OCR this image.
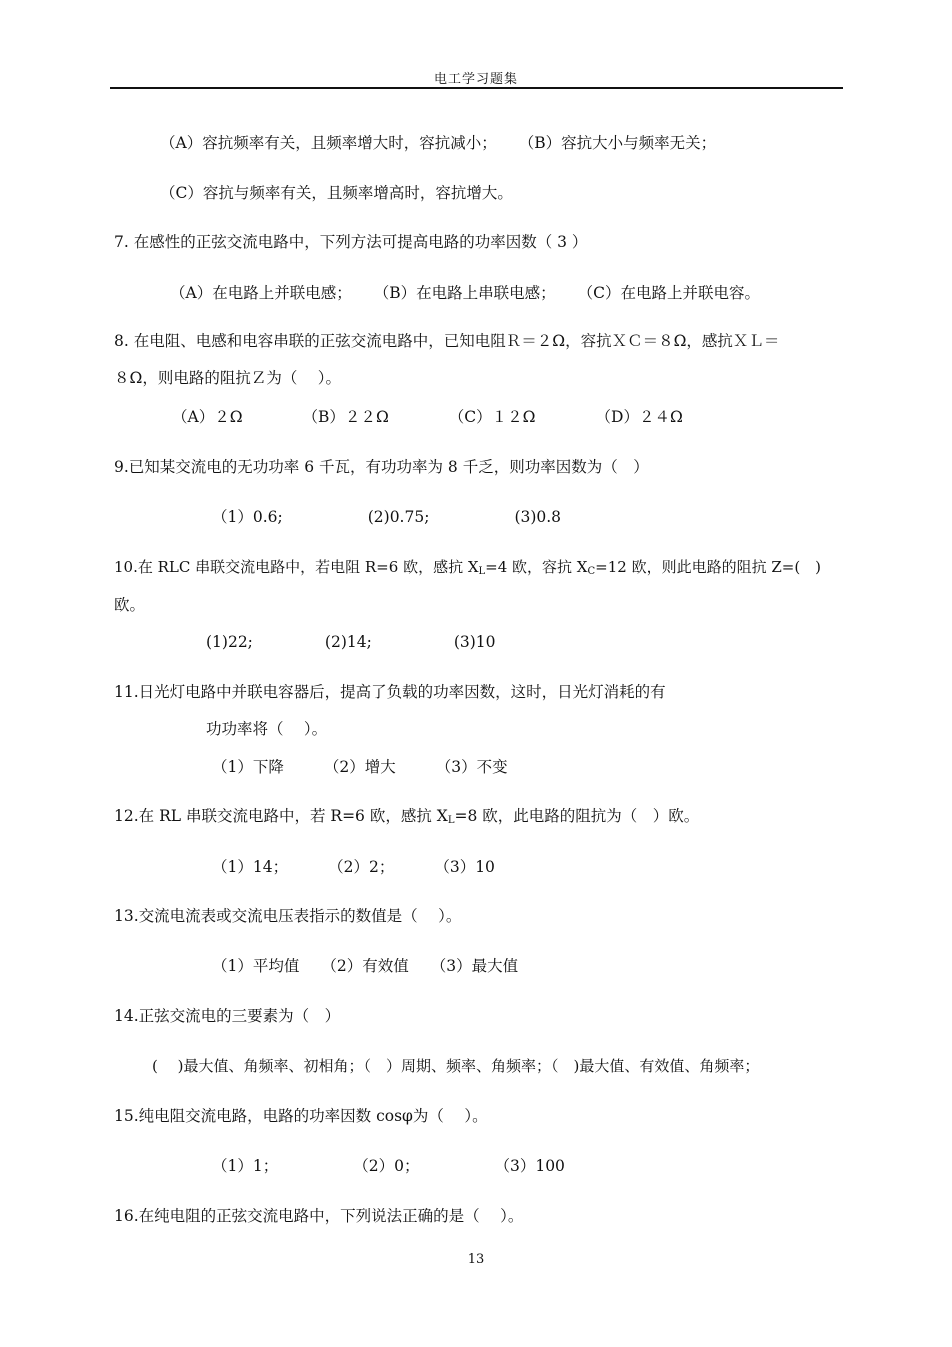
电工学习题集
（A）容抗频率有关，且频率增大时，容抗减小； （B）容抗大小与频率无关；
（C）容抗与频率有关，且频率增高时，容抗增大。
7. 在感性的正弦交流电路中，下列方法可提高电路的功率因数（ 3 ）
（A）在电路上并联电感； （B）在电路上串联电感； （C）在电路上并联电容。
8. 在电阻、电感和电容串联的正弦交流电路中，已知电阻Ｒ＝２Ω，容抗ＸＣ＝８Ω，感抗ＸＬ＝
８Ω，则电路的阻抗Ｚ为（　 ）。
（A）２Ω	（B）２２Ω	（C）１２Ω	（D）２４Ω
9.已知某交流电的无功功率 6 千瓦，有功功率为 8 千乏，则功率因数为（　）
（1）0.6;	(2)0.75;	(3)0.8
10.在 RLC 串联交流电路中，若电阻 R=6 欧，感抗 $X_L=4$ 欧，容抗 $X_C=12$ 欧，则此电路的阻抗 Z=(　)
欧。
(1)22;	(2)14;	(3)10
11.日光灯电路中并联电容器后，提高了负载的功率因数，这时，日光灯消耗的有
功功率将（　 ）。
（1）下降	（2）增大	（3）不变
12.在 RL 串联交流电路中，若 R=6 欧，感抗 $X_L=8$ 欧，此电路的阻抗为（　）欧。
（1）14；	（2）2；	（3）10
13.交流电流表或交流电压表指示的数值是（　 ）。
（1）平均值 （2）有效值 （3）最大值
14.正弦交流电的三要素为（　）
(　 )最大值、角频率、初相角；（　）周期、频率、角频率；（　)最大值、有效值、角频率；
15.纯电阻交流电路，电路的功率因数 cosφ为（　 ）。
（1）1；	（2）0；	（3）100
16.在纯电阻的正弦交流电路中，下列说法正确的是（　 ）。
13
